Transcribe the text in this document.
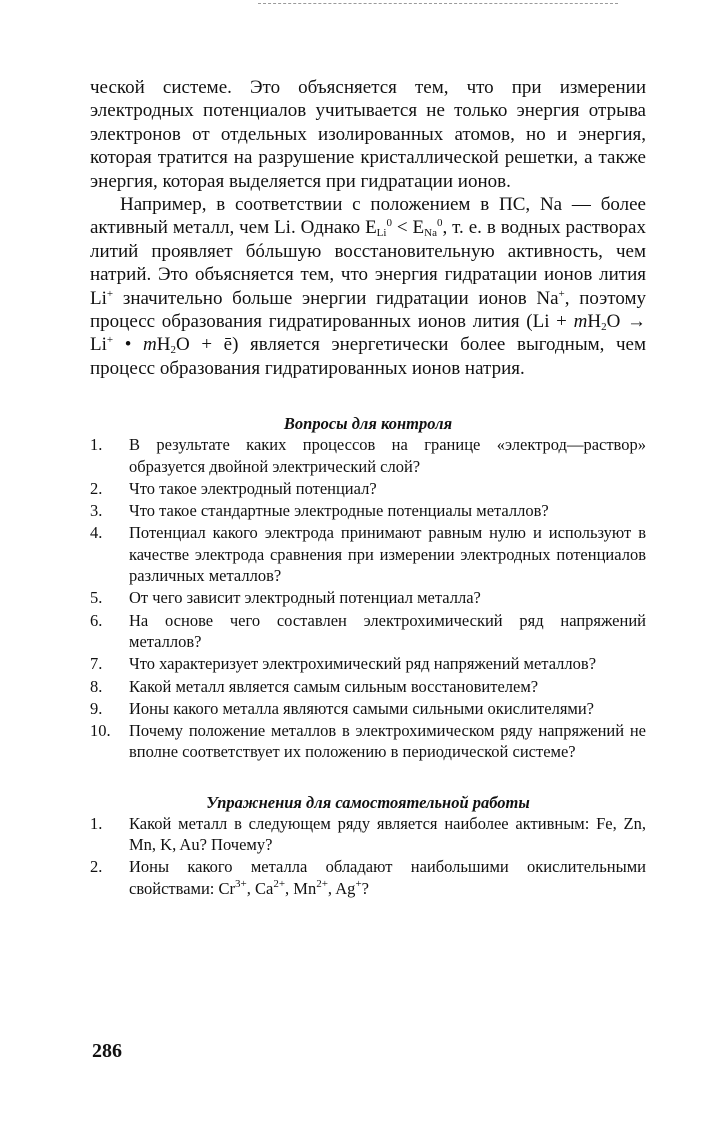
ческой системе. Это объясняется тем, что при измерении электродных потенциалов учитывается не только энергия отрыва электронов от отдельных изолированных атомов, но и энергия, которая тратится на разрушение кристаллической решетки, а также энергия, которая выделяется при гидратации ионов.

Например, в соответствии с положением в ПС, Na — более активный металл, чем Li. Однако $E_{Li}^0 < E_{Na}^0$, т. е. в водных растворах литий проявляет бóльшую восстановительную активность, чем натрий. Это объясняется тем, что энергия гидратации ионов лития Li+ значительно больше энергии гидратации ионов Na+, поэтому процесс образования гидратированных ионов лития ($Li + mH_2O \to Li^+$ • $mH_2O$ + ē) является энергетически более выгодным, чем процесс образования гидратированных ионов натрия.

Вопросы для контроля
1.	В результате каких процессов на границе «электрод—раствор» образуется двойной электрический слой?
2.	Что такое электродный потенциал?
3.	Что такое стандартные электродные потенциалы металлов?
4.	Потенциал какого электрода принимают равным нулю и используют в качестве электрода сравнения при измерении электродных потенциалов различных металлов?
5.	От чего зависит электродный потенциал металла?
6.	На основе чего составлен электрохимический ряд напряжений металлов?
7.	Что характеризует электрохимический ряд напряжений металлов?
8.	Какой металл является самым сильным восстановителем?
9.	Ионы какого металла являются самыми сильными окислителями?
10.	Почему положение металлов в электрохимическом ряду напряжений не вполне соответствует их положению в периодической системе?
Упражнения для самостоятельной работы
1.	Какой металл в следующем ряду является наиболее активным: Fe, Zn, Mn, K, Au? Почему?
2.	Ионы какого металла обладают наибольшими окислительными свойствами: $Cr^{3+}$, $Ca^{2+}$, $Mn^{2+}$, Ag+?
286
